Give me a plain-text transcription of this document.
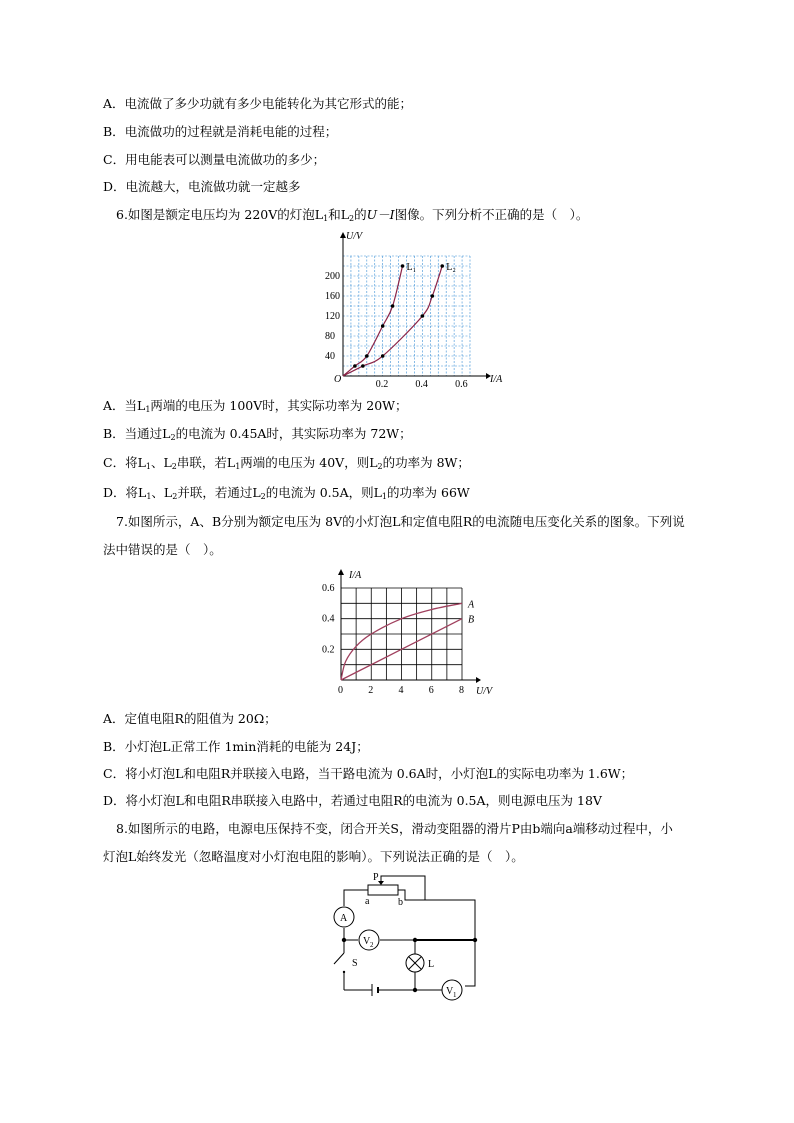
A．电流做了多少功就有多少电能转化为其它形式的能；
B．电流做功的过程就是消耗电能的过程；
C．用电能表可以测量电流做功的多少；
D．电流越大，电流做功就一定越多
6.如图是额定电压均为 220V的灯泡$L_1$和$L_2$的U－I图像。下列分析不正确的是（　）。
0.2	0.4	0.6
40
80
120
160
200
O
U/V
I/A
L₁	L₂
A．当$L_1$两端的电压为 100V时，其实际功率为 20W；
B．当通过$L_2$的电流为 0.45A时，其实际功率为 72W；
C．将$L_1$、$L_2$串联，若$L_1$两端的电压为 40V，则$L_2$的功率为 8W；
D．将$L_1$、$L_2$并联，若通过$L_2$的电流为 0.5A，则$L_1$的功率为 66W
7.如图所示，A、B分别为额定电压为 8V的小灯泡L和定值电阻R的电流随电压变化关系的图象。下列说
法中错误的是（　）。
0	2	4	6	8
0.2
0.4
0.6
I/A
U/V
A
B
A．定值电阻R的阻值为 20Ω；
B．小灯泡L正常工作 1min消耗的电能为 24J；
C．将小灯泡L和电阻R并联接入电路，当干路电流为 0.6A时，小灯泡L的实际电功率为 1.6W；
D．将小灯泡L和电阻R串联接入电路中，若通过电阻R的电流为 0.5A，则电源电压为 18V
8.如图所示的电路，电源电压保持不变，闭合开关S，滑动变阻器的滑片P由b端向a端移动过程中，小
灯泡L始终发光（忽略温度对小灯泡电阻的影响）。下列说法正确的是（　）。
P
a	b
A
V 2
L
S
V 1
